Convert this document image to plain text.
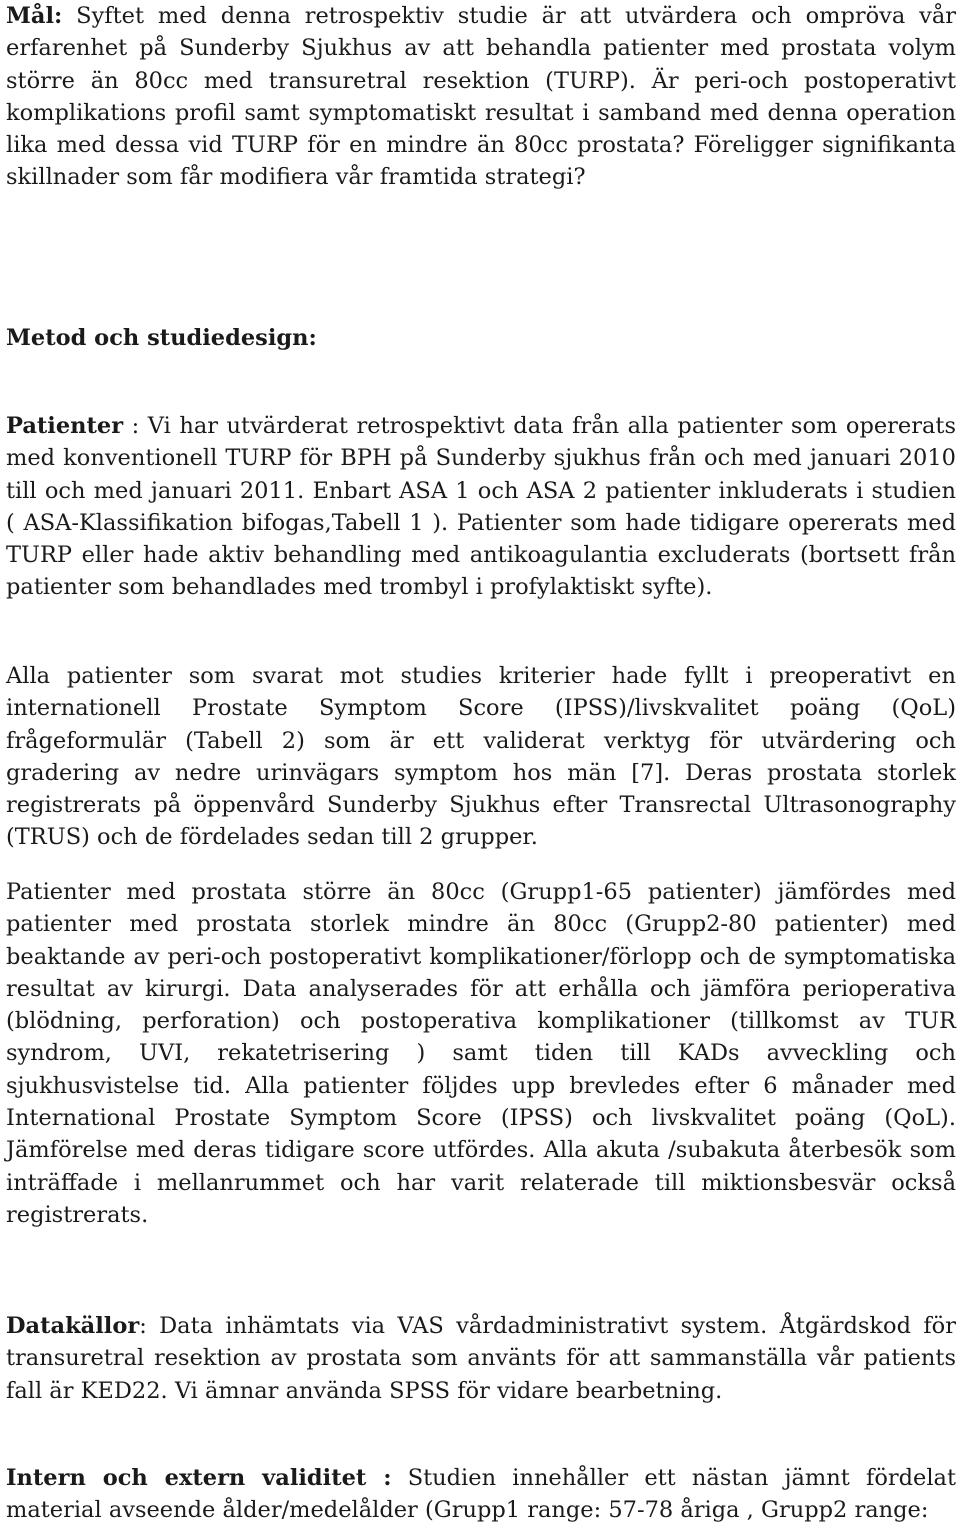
Mål: Syftet med denna retrospektiv studie är att utvärdera och ompröva vår erfarenhet på Sunderby Sjukhus av att behandla patienter med prostata volym större än 80cc med transuretral resektion (TURP). Är peri-och postoperativt komplikations profil samt symptomatiskt resultat i samband med denna operation lika med dessa vid TURP för en mindre än 80cc prostata? Föreligger signifikanta skillnader som får modifiera vår framtida strategi?

Metod och studiedesign:

Patienter : Vi har utvärderat retrospektivt data från alla patienter som opererats med konventionell TURP för BPH på Sunderby sjukhus från och med januari 2010 till och med januari 2011. Enbart ASA 1 och ASA 2 patienter inkluderats i studien ( ASA-Klassifikation bifogas,Tabell 1 ). Patienter som hade tidigare opererats med TURP eller hade aktiv behandling med antikoagulantia excluderats (bortsett från patienter som behandlades med trombyl i profylaktiskt syfte).

Alla patienter som svarat mot studies kriterier hade fyllt i preoperativt en internationell Prostate Symptom Score (IPSS)/livskvalitet poäng (QoL) frågeformulär (Tabell 2) som är ett validerat verktyg för utvärdering och gradering av nedre urinvägars symptom hos män [7]. Deras prostata storlek registrerats på öppenvård Sunderby Sjukhus efter Transrectal Ultrasonography (TRUS) och de fördelades sedan till 2 grupper.

Patienter med prostata större än 80cc (Grupp1-65 patienter) jämfördes med patienter med prostata storlek mindre än 80cc (Grupp2-80 patienter) med beaktande av peri-och postoperativt komplikationer/förlopp och de symptomatiska resultat av kirurgi. Data analyserades för att erhålla och jämföra perioperativa (blödning, perforation) och postoperativa komplikationer (tillkomst av TUR syndrom, UVI, rekatetrisering ) samt tiden till KADs avveckling och sjukhusvistelse tid. Alla patienter följdes upp brevledes efter 6 månader med International Prostate Symptom Score (IPSS) och livskvalitet poäng (QoL). Jämförelse med deras tidigare score utfördes. Alla akuta /subakuta återbesök som inträffade i mellanrummet och har varit relaterade till miktionsbesvär också registrerats.

Datakällor: Data inhämtats via VAS vårdadministrativt system. Åtgärdskod för transuretral resektion av prostata som använts för att sammanställa vår patients fall är KED22. Vi ämnar använda SPSS för vidare bearbetning.

Intern och extern validitet : Studien innehåller ett nästan jämnt fördelat material avseende ålder/medelålder (Grupp1 range: 57-78 åriga , Grupp2 range:
